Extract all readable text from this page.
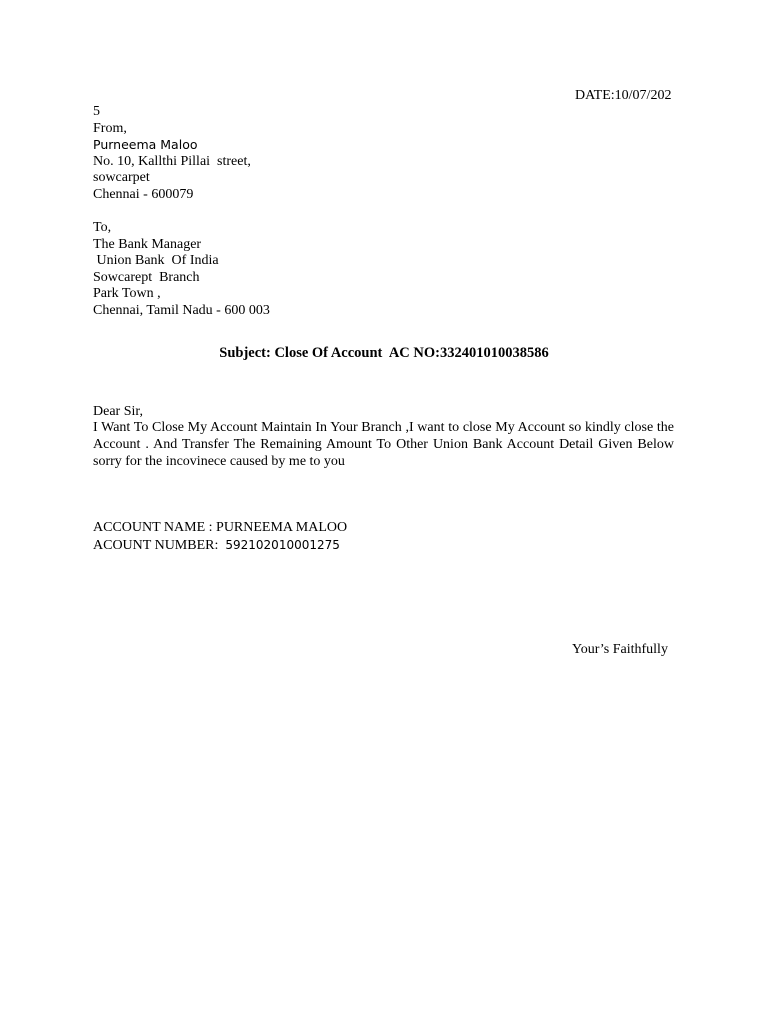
DATE:10/07/202
5
From,
Purneema Maloo
No. 10, Kallthi Pillai  street,
sowcarpet
Chennai - 600079
To,
The Bank Manager
Union Bank  Of India
Sowcarept  Branch
Park Town ,
Chennai, Tamil Nadu - 600 003
Subject: Close Of Account  AC NO:332401010038586
Dear Sir,

I Want To Close My Account Maintain In Your Branch ,I want to close My Account so kindly close the Account . And Transfer The Remaining Amount To Other Union Bank Account Detail Given Below sorry for the incovinece caused by me to you

ACCOUNT NAME : PURNEEMA MALOO
ACOUNT NUMBER: 592102010001275
Your’s Faithfully
